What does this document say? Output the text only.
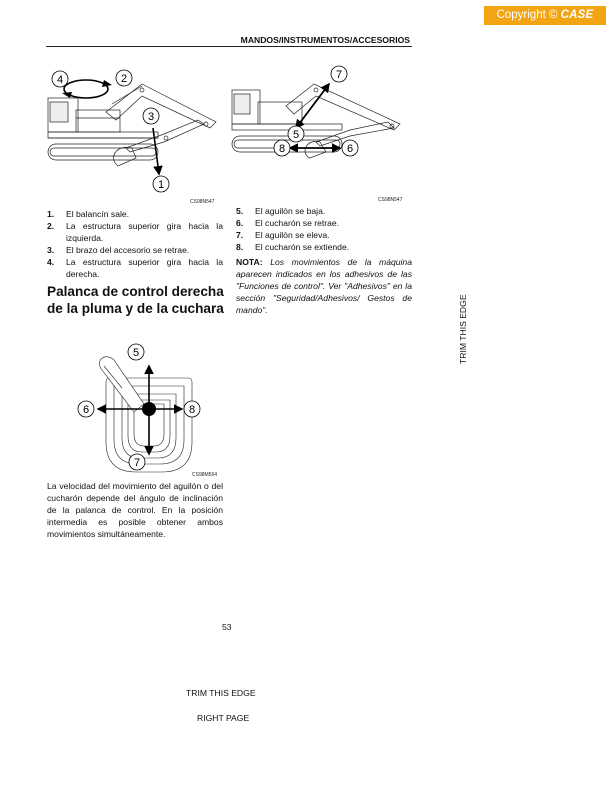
Copyright © CASE
MANDOS/INSTRUMENTOS/ACCESORIOS
4	2
3
1
CS98N547
7
5
8	6
CS98N547
1.	El balancín sale.
2.	La estructura superior gira hacia la izquierda.
3.	El brazo del accesorio se retrae.
4.	La estructura superior gira hacia la derecha.
5.	El aguilón se baja.
6.	El cucharón se retrae.
7.	El aguilón se eleva.
8.	El cucharón se extiende.

NOTA: Los movimientos de la máquina aparecen indicados en los adhesivos de las "Funciones de control". Ver "Adhesivos" en la sección "Seguridad/Adhesivos/ Gestos de mando".

Palanca de control derecha de la pluma y de la cuchara
5
6	8
7
CS98M564

La velocidad del movimiento del aguilón o del cucharón depende del ángulo de inclinación de la palanca de control. En la posición intermedia es posible obtener ambos movimientos simultáneamente.

53
TRIM THIS EDGE
RIGHT PAGE
TRIM THIS EDGE
